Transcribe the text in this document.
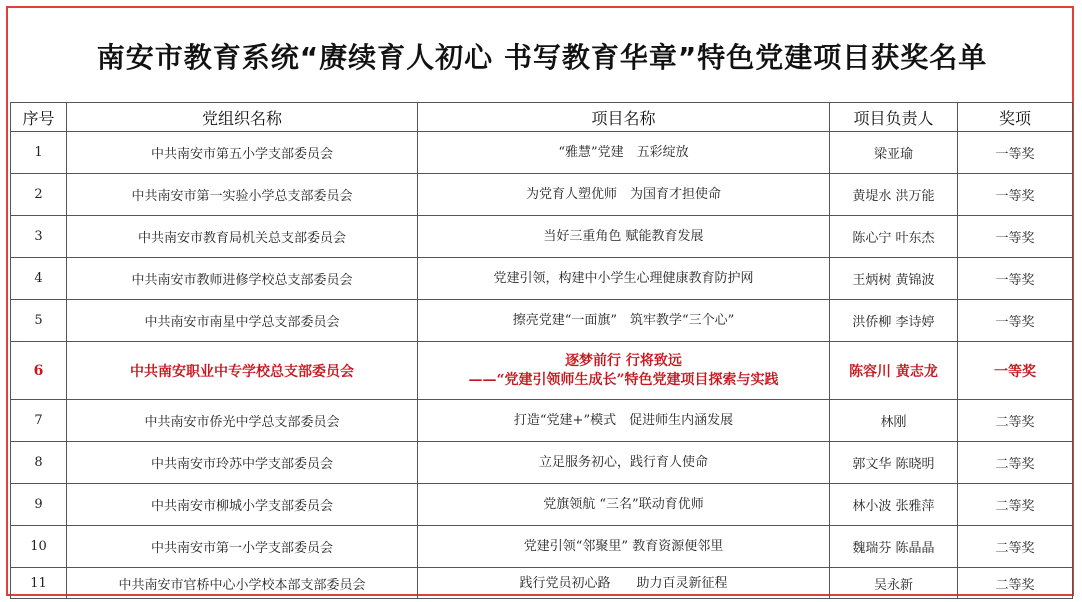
南安市教育系统“赓续育人初心 书写教育华章”特色党建项目获奖名单
序号	党组织名称	项目名称	项目负责人	奖项
1	中共南安市第五小学支部委员会	“雅慧”党建　五彩绽放	梁亚瑜	一等奖
2	中共南安市第一实验小学总支部委员会	为党育人塑优师　为国育才担使命	黄堤水 洪万能	一等奖
3	中共南安市教育局机关总支部委员会	当好三重角色 赋能教育发展	陈心宁 叶东杰	一等奖
4	中共南安市教师进修学校总支部委员会	党建引领，构建中小学生心理健康教育防护网	王炳树 黄锦波	一等奖
5	中共南安市南星中学总支部委员会	擦亮党建“一面旗”　筑牢教学“三个心”	洪侨柳 李诗婷	一等奖
6	中共南安职业中专学校总支部委员会	逐梦前行 行将致远
——“党建引领师生成长”特色党建项目探索与实践	陈容川 黄志龙	一等奖
7	中共南安市侨光中学总支部委员会	打造“党建+”模式　促进师生内涵发展	林刚	二等奖
8	中共南安市玲苏中学支部委员会	立足服务初心，践行育人使命	郭文华 陈晓明	二等奖
9	中共南安市柳城小学支部委员会	党旗领航 “三名”联动育优师	林小波 张雅萍	二等奖
10	中共南安市第一小学支部委员会	党建引领“邻聚里” 教育资源便邻里	魏瑞芬 陈晶晶	二等奖
11	中共南安市官桥中心小学校本部支部委员会	践行党员初心路　　助力百灵新征程	吴永新	二等奖
